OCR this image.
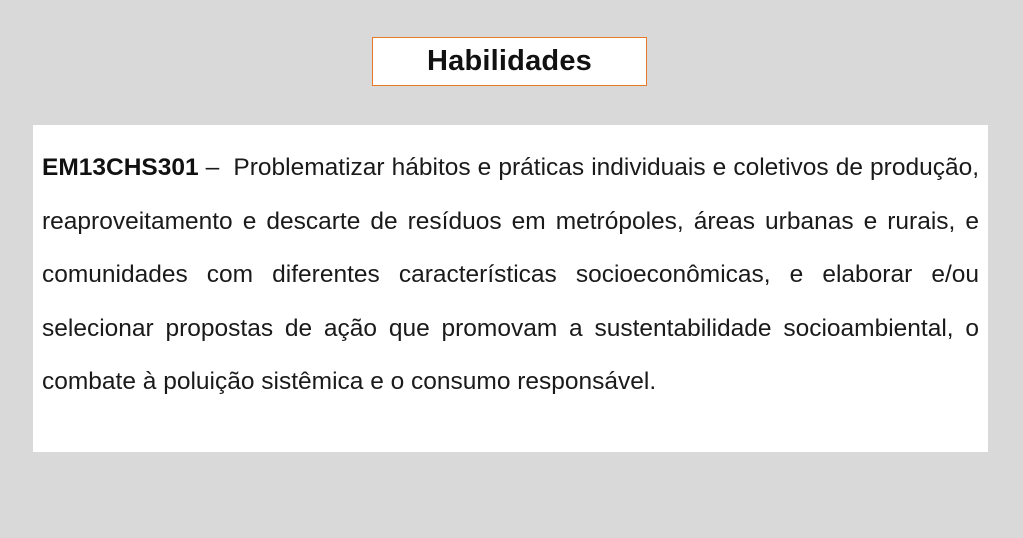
Habilidades

EM13CHS301 –  Problematizar hábitos e práticas individuais e coletivos de produção, reaproveitamento e descarte de resíduos em metrópoles, áreas urbanas e rurais, e comunidades com diferentes características socioeconômicas, e elaborar e/ou selecionar propostas de ação que promovam a sustentabilidade socioambiental, o combate à poluição sistêmica e o consumo responsável.
